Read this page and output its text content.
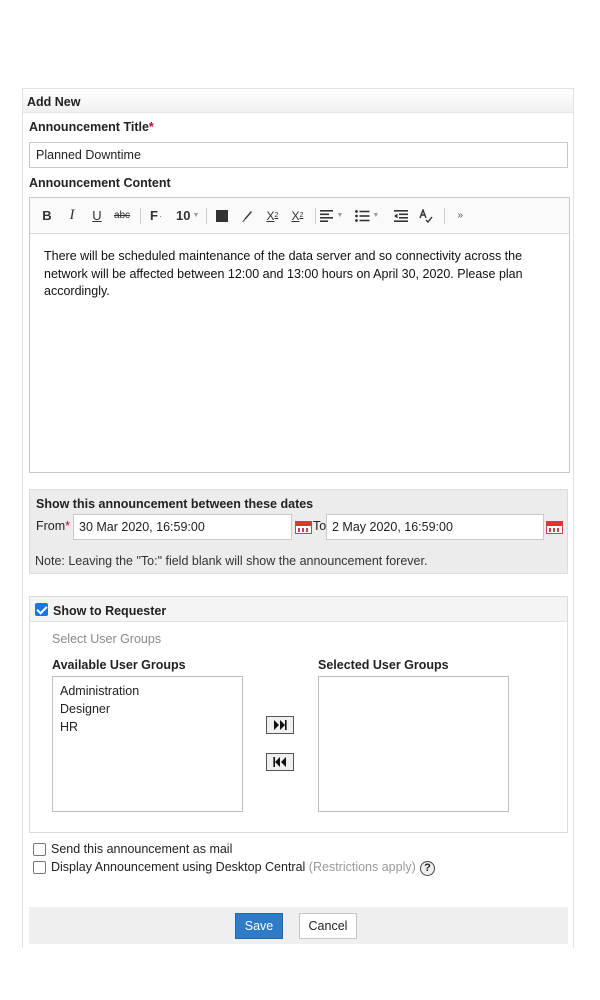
Add New
Announcement Title*
Planned Downtime
Announcement Content
B	I	U	abc F · 10 ▼	X 2 X 2	▼	▼	»
There will be scheduled maintenance of the data server and so connectivity across the network will be affected between 12:00 and 13:00 hours on April 30, 2020. Please plan accordingly.
Show this announcement between these dates
From* 30 Mar 2020, 16:59:00	To 2 May 2020, 16:59:00
Note: Leaving the "To:" field blank will show the announcement forever.
Show to Requester
Select User Groups
Available User Groups	Selected User Groups
Administration
Designer
HR
Send this announcement as mail
Display Announcement using Desktop Central (Restrictions apply) ?
Save	Cancel
